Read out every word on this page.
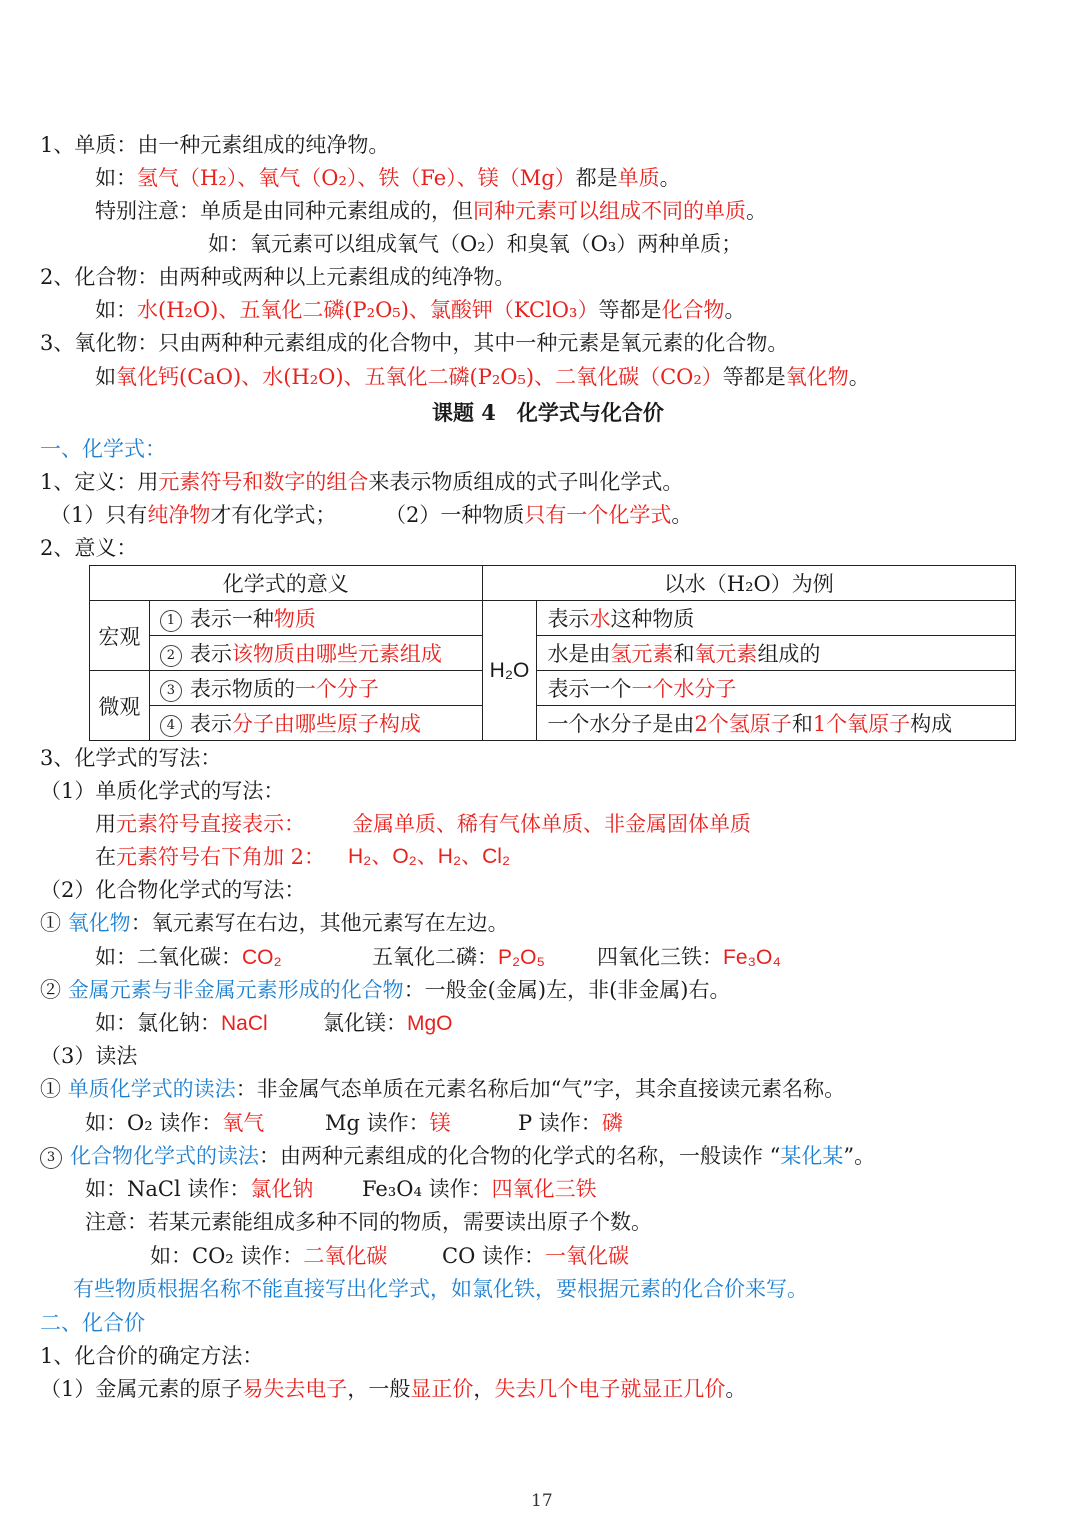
1、单质：由一种元素组成的纯净物。
如：氢气（H₂）、氧气（O₂）、铁（Fe）、镁（Mg）都是单质。
特别注意：单质是由同种元素组成的，但同种元素可以组成不同的单质。
如：氧元素可以组成氧气（O₂）和臭氧（O₃）两种单质；
2、化合物：由两种或两种以上元素组成的纯净物。
如：水(H₂O)、五氧化二磷(P₂O₅)、氯酸钾（KClO₃）等都是化合物。
3、氧化物：只由两种种元素组成的化合物中，其中一种元素是氧元素的化合物。
如氧化钙(CaO)、水(H₂O)、五氧化二磷(P₂O₅)、二氧化碳（CO₂）等都是氧化物。
课题 4　化学式与化合价
一、化学式：
1、定义：用元素符号和数字的组合来表示物质组成的式子叫化学式。
（1）只有纯净物才有化学式； （2）一种物质只有一个化学式。
2、意义：
化学式的意义		以水（H₂O）为例	
宏观	1 表示一种物质	H₂O	表示水这种物质
	2 表示该物质由哪些元素组成		水是由氢元素和氧元素组成的
微观	3 表示物质的一个分子		表示一个一个水分子
	4 表示分子由哪些原子构成		一个水分子是由2个氢原子和1个氧原子构成
3、化学式的写法：
（1）单质化学式的写法：
用元素符号直接表示： 金属单质、稀有气体单质、非金属固体单质
在元素符号右下角加 2： H₂、O₂、H₂、Cl₂
（2）化合物化学式的写法：
① 氧化物：氧元素写在右边，其他元素写在左边。
如：二氧化碳：CO₂	五氧化二磷：P₂O₅ 四氧化三铁：Fe₃O₄
② 金属元素与非金属元素形成的化合物：一般金(金属)左，非(非金属)右。
如：氯化钠：NaCl	氯化镁：MgO
（3）读法
① 单质化学式的读法：非金属气态单质在元素名称后加“气”字，其余直接读元素名称。
如：O₂ 读作：氧气	Mg 读作：镁	P 读作：磷
3 化合物化学式的读法：由两种元素组成的化合物的化学式的名称，一般读作 “某化某”。
如：NaCl 读作：氯化钠 Fe₃O₄ 读作：四氧化三铁
注意：若某元素能组成多种不同的物质，需要读出原子个数。
如：CO₂ 读作：二氧化碳	CO 读作：一氧化碳
有些物质根据名称不能直接写出化学式，如氯化铁，要根据元素的化合价来写。
二、化合价
1、化合价的确定方法：
（1）金属元素的原子易失去电子，一般显正价，失去几个电子就显正几价。
17
